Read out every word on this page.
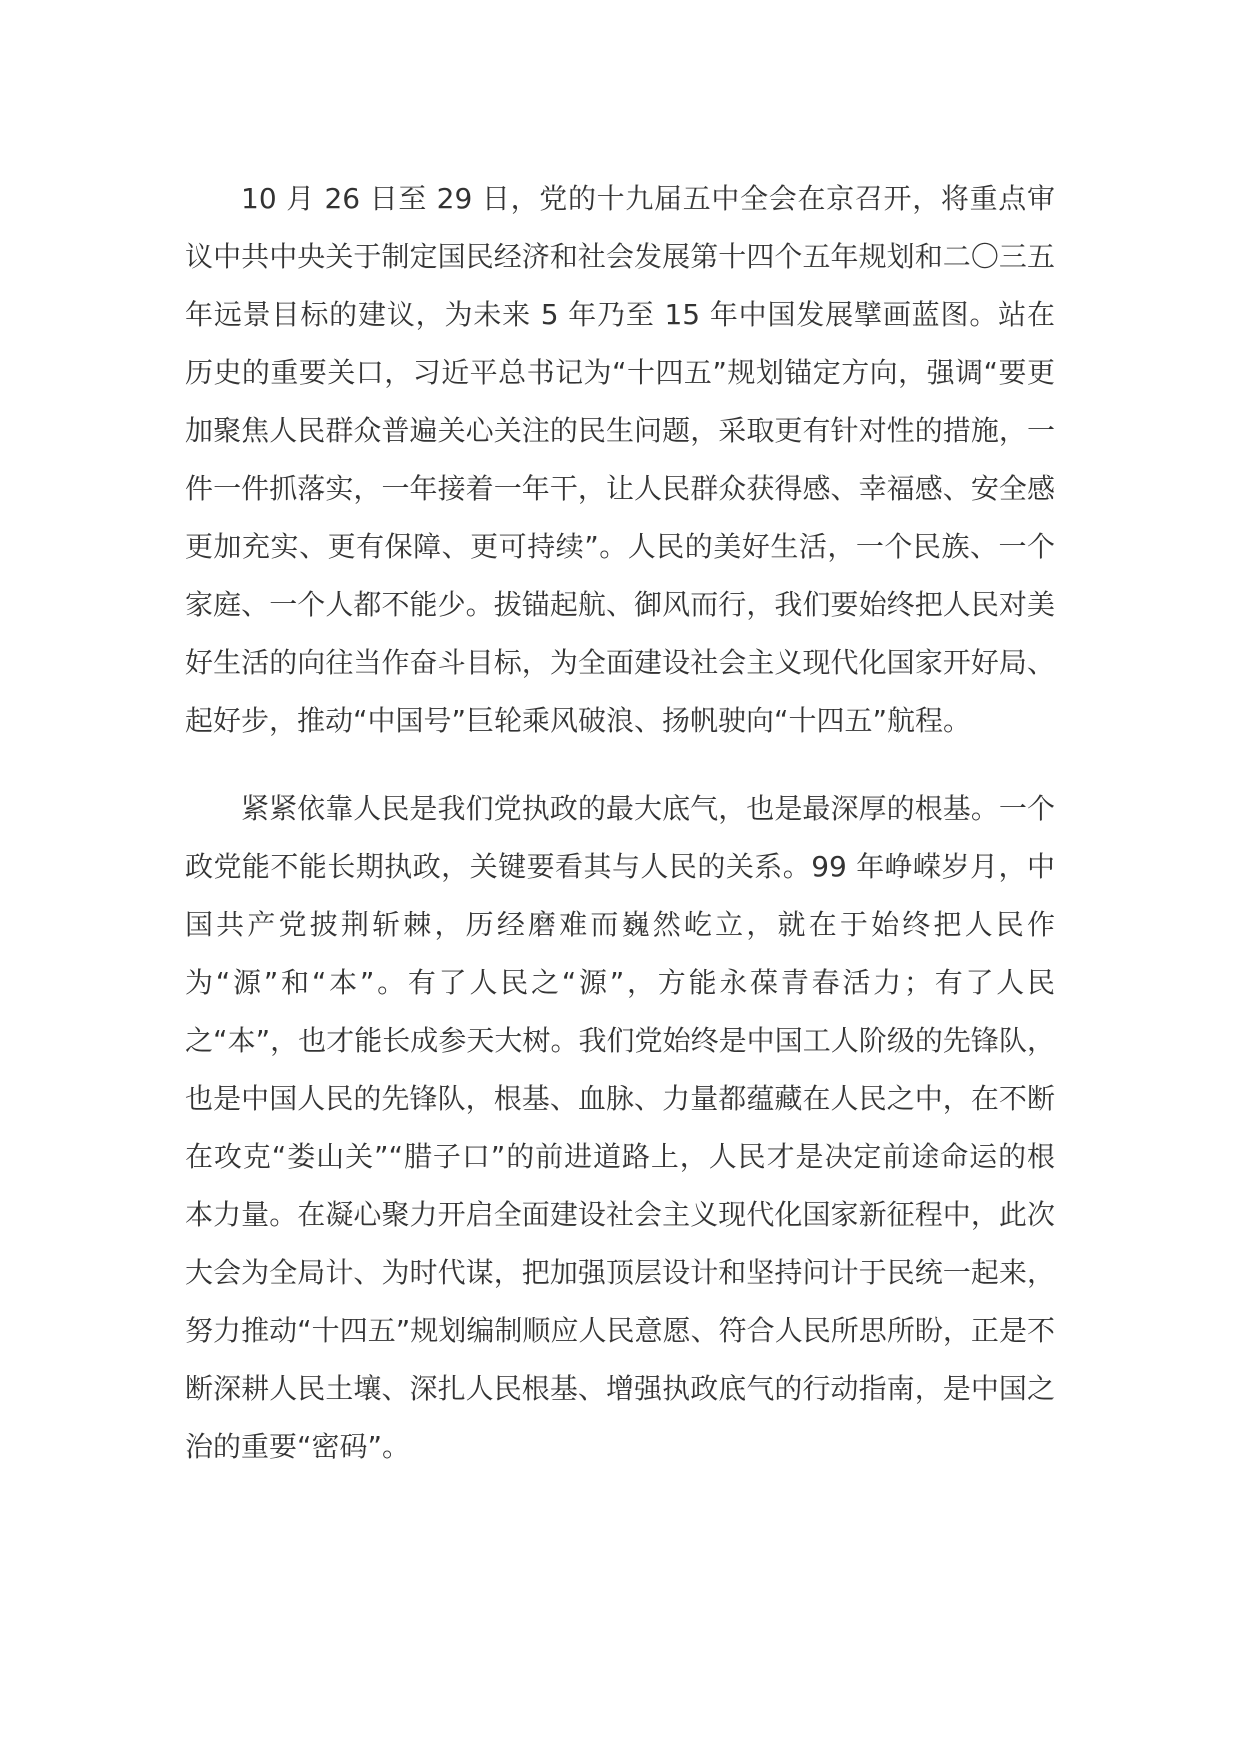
10 月 26 日至 29 日，党的十九届五中全会在京召开，将重点审议中共中央关于制定国民经济和社会发展第十四个五年规划和二〇三五年远景目标的建议，为未来 5 年乃至 15 年中国发展擘画蓝图。站在历史的重要关口，习近平总书记为“十四五”规划锚定方向，强调“要更加聚焦人民群众普遍关心关注的民生问题，采取更有针对性的措施，一件一件抓落实，一年接着一年干，让人民群众获得感、幸福感、安全感更加充实、更有保障、更可持续”。人民的美好生活，一个民族、一个家庭、一个人都不能少。拔锚起航、御风而行，我们要始终把人民对美好生活的向往当作奋斗目标，为全面建设社会主义现代化国家开好局、起好步，推动“中国号”巨轮乘风破浪、扬帆驶向“十四五”航程。

紧紧依靠人民是我们党执政的最大底气，也是最深厚的根基。一个政党能不能长期执政，关键要看其与人民的关系。99 年峥嵘岁月，中国共产党披荆斩棘，历经磨难而巍然屹立，就在于始终把人民作为“源”和“本”。有了人民之“源”，方能永葆青春活力；有了人民之“本”，也才能长成参天大树。我们党始终是中国工人阶级的先锋队，也是中国人民的先锋队，根基、血脉、力量都蕴藏在人民之中，在不断在攻克“娄山关”“腊子口”的前进道路上，人民才是决定前途命运的根本力量。在凝心聚力开启全面建设社会主义现代化国家新征程中，此次大会为全局计、为时代谋，把加强顶层设计和坚持问计于民统一起来，努力推动“十四五”规划编制顺应人民意愿、符合人民所思所盼，正是不断深耕人民土壤、深扎人民根基、增强执政底气的行动指南，是中国之治的重要“密码”。
